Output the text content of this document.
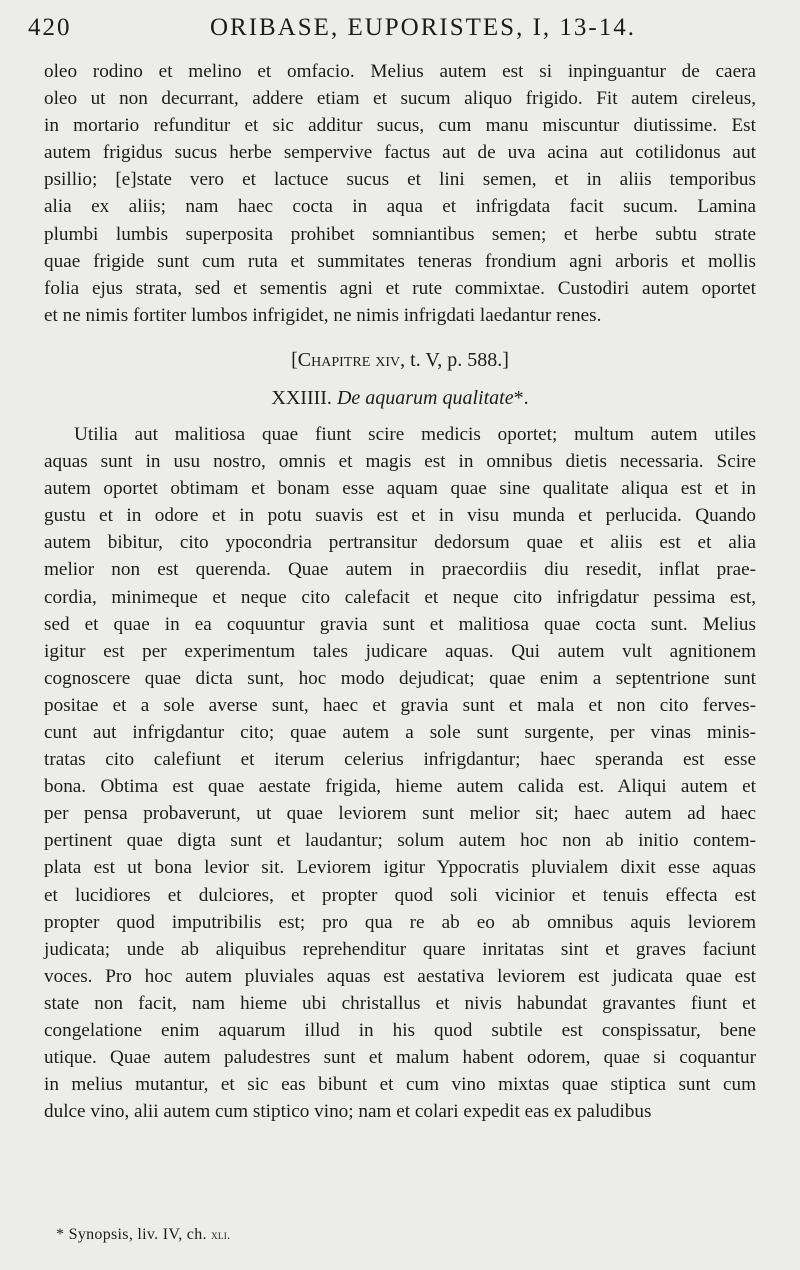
420	ORIBASE, EUPORISTES, I, 13-14.
oleo rodino et melino et omfacio. Melius autem est si inpinguantur de caera
oleo ut non decurrant, addere etiam et sucum aliquo frigido. Fit autem cireleus,
in mortario refunditur et sic additur sucus, cum manu miscuntur diutissime. Est
autem frigidus sucus herbe sempervive factus aut de uva acina aut cotilidonus aut
psillio; [e]state vero et lactuce sucus et lini semen, et in aliis temporibus
alia ex aliis; nam haec cocta in aqua et infrigdata facit sucum. Lamina
plumbi lumbis superposita prohibet somniantibus semen; et herbe subtu strate
quae frigide sunt cum ruta et summitates teneras frondium agni arboris et mollis
folia ejus strata, sed et sementis agni et rute commixtae. Custodiri autem oportet
et ne nimis fortiter lumbos infrigidet, ne nimis infrigdati laedantur renes.
[Chapitre xiv, t. V, p. 588.]
XXIIII. De aquarum qualitate*.
Utilia aut malitiosa quae fiunt scire medicis oportet; multum autem utiles
aquas sunt in usu nostro, omnis et magis est in omnibus dietis necessaria. Scire
autem oportet obtimam et bonam esse aquam quae sine qualitate aliqua est et in
gustu et in odore et in potu suavis est et in visu munda et perlucida. Quando
autem bibitur, cito ypocondria pertransitur dedorsum quae et aliis est et alia
melior non est querenda. Quae autem in praecordiis diu resedit, inflat prae-
cordia, minimeque et neque cito calefacit et neque cito infrigdatur pessima est,
sed et quae in ea coquuntur gravia sunt et malitiosa quae cocta sunt. Melius
igitur est per experimentum tales judicare aquas. Qui autem vult agnitionem
cognoscere quae dicta sunt, hoc modo dejudicat; quae enim a septentrione sunt
positae et a sole averse sunt, haec et gravia sunt et mala et non cito ferves-
cunt aut infrigdantur cito; quae autem a sole sunt surgente, per vinas minis-
tratas cito calefiunt et iterum celerius infrigdantur; haec speranda est esse
bona. Obtima est quae aestate frigida, hieme autem calida est. Aliqui autem et
per pensa probaverunt, ut quae leviorem sunt melior sit; haec autem ad haec
pertinent quae digta sunt et laudantur; solum autem hoc non ab initio contem-
plata est ut bona levior sit. Leviorem igitur Yppocratis pluvialem dixit esse aquas
et lucidiores et dulciores, et propter quod soli vicinior et tenuis effecta est
propter quod imputribilis est; pro qua re ab eo ab omnibus aquis leviorem
judicata; unde ab aliquibus reprehenditur quare inritatas sint et graves faciunt
voces. Pro hoc autem pluviales aquas est aestativa leviorem est judicata quae est
state non facit, nam hieme ubi christallus et nivis habundat gravantes fiunt et
congelatione enim aquarum illud in his quod subtile est conspissatur, bene
utique. Quae autem paludestres sunt et malum habent odorem, quae si coquantur
in melius mutantur, et sic eas bibunt et cum vino mixtas quae stiptica sunt cum
dulce vino, alii autem cum stiptico vino; nam et colari expedit eas ex paludibus
* Synopsis, liv. IV, ch. xli.
